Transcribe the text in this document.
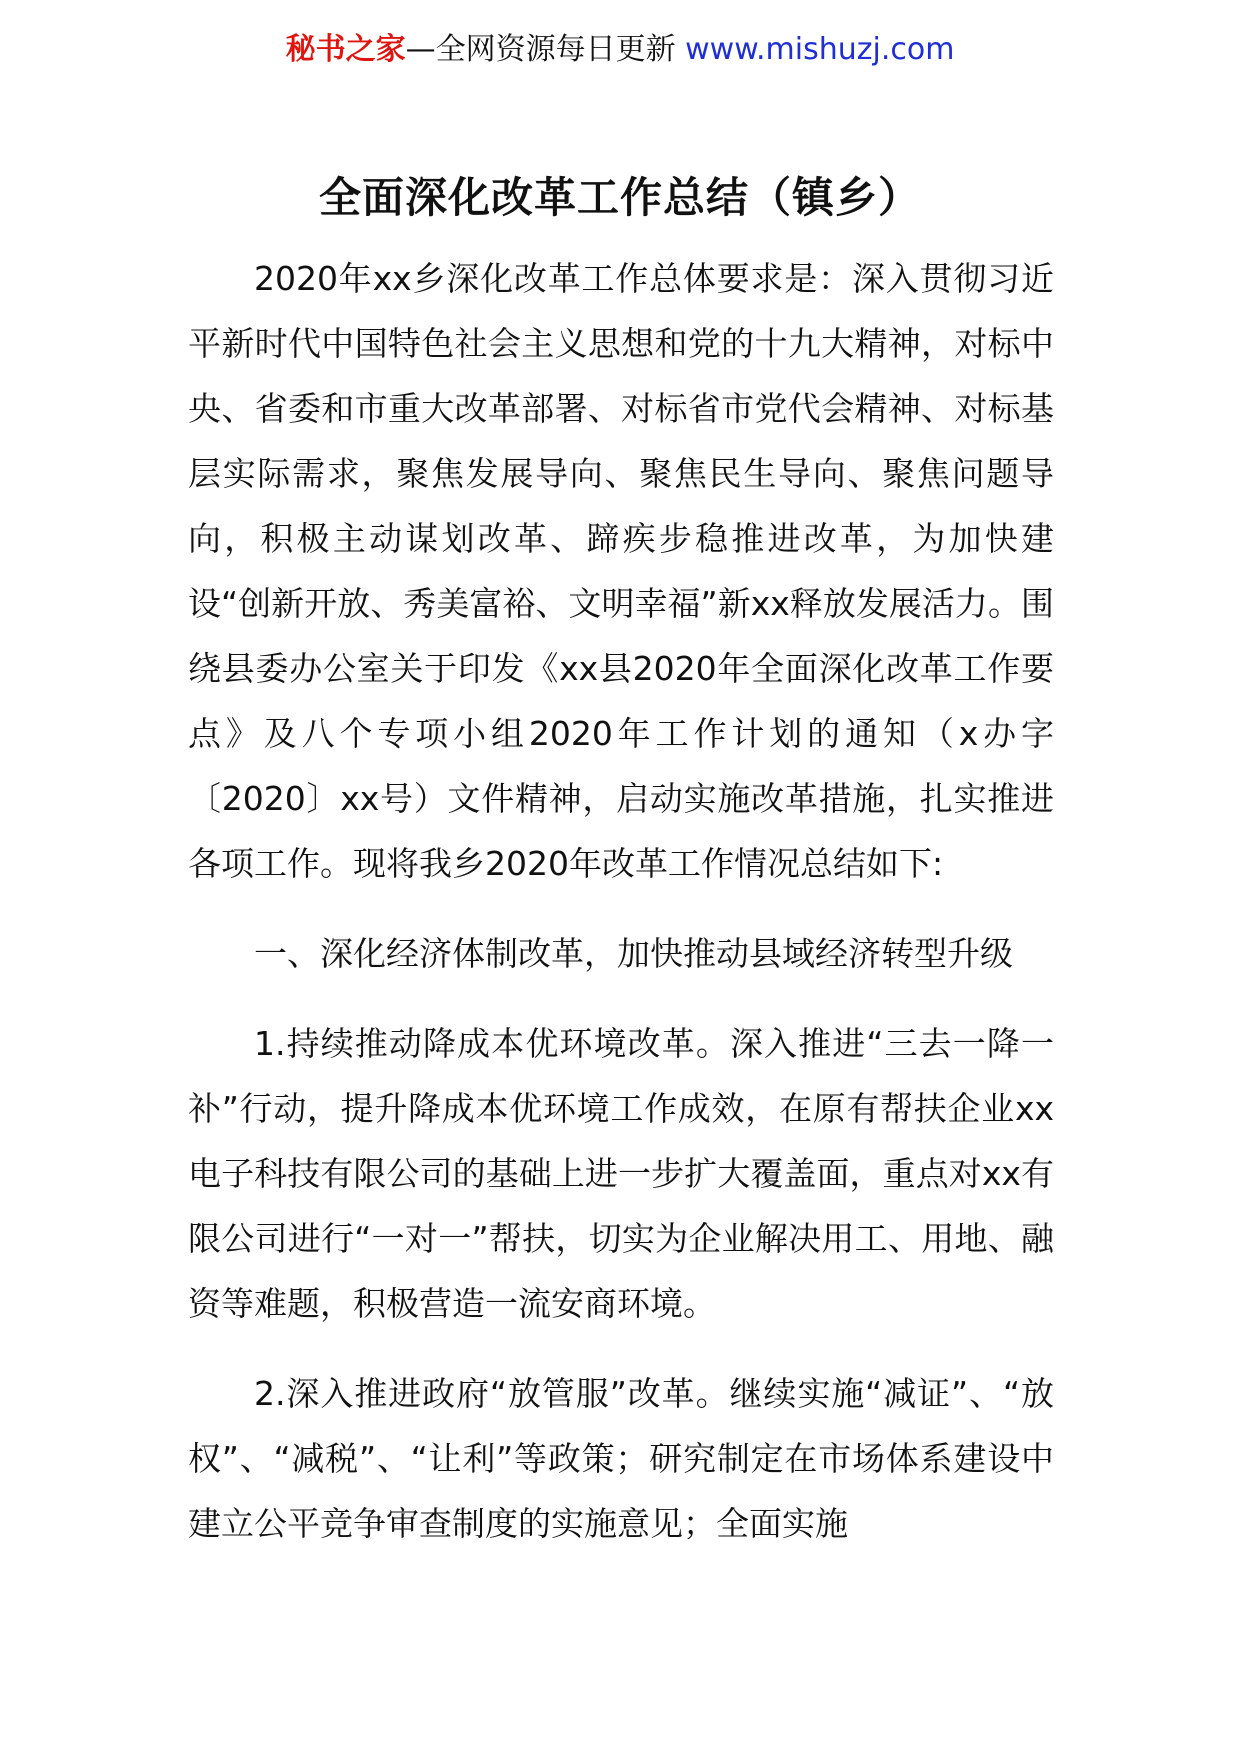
秘书之家—全网资源每日更新 www.mishuzj.com
全面深化改革工作总结（镇乡）

2020年xx乡深化改革工作总体要求是：深入贯彻习近平新时代中国特色社会主义思想和党的十九大精神，对标中央、省委和市重大改革部署、对标省市党代会精神、对标基层实际需求，聚焦发展导向、聚焦民生导向、聚焦问题导向，积极主动谋划改革、蹄疾步稳推进改革，为加快建设“创新开放、秀美富裕、文明幸福”新xx释放发展活力。围绕县委办公室关于印发《xx县2020年全面深化改革工作要点》及八个专项小组2020年工作计划的通知（x办字〔2020〕xx号）文件精神，启动实施改革措施，扎实推进各项工作。现将我乡2020年改革工作情况总结如下:

一、深化经济体制改革，加快推动县域经济转型升级

1.持续推动降成本优环境改革。深入推进“三去一降一补”行动，提升降成本优环境工作成效，在原有帮扶企业xx电子科技有限公司的基础上进一步扩大覆盖面，重点对xx有限公司进行“一对一”帮扶，切实为企业解决用工、用地、融资等难题，积极营造一流安商环境。

2.深入推进政府“放管服”改革。继续实施“减证”、“放权”、“减税”、“让利”等政策；研究制定在市场体系建设中建立公平竞争审查制度的实施意见；全面实施
